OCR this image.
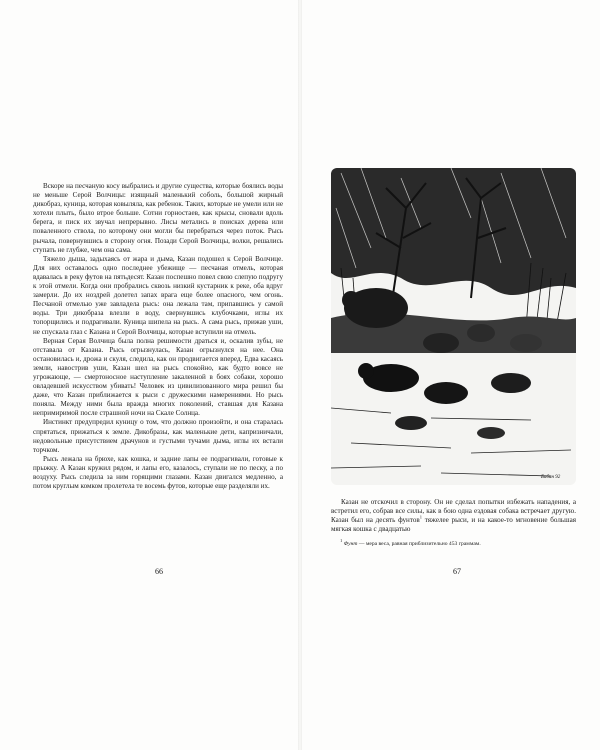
Вскоре на песчаную косу выбрались и другие существа, которые боялись воды не меньше Серой Волчицы: изящный маленький соболь, большой жирный дикобраз, куница, которая ковыляла, как ребенок. Таких, которые не умели или не хотели плыть, было втрое больше. Сотни горностаев, как крысы, сновали вдоль берега, и писк их звучал непрерывно. Лисы метались в поисках дерева или поваленного ствола, по которому они могли бы перебраться через поток. Рысь рычала, повернувшись в сторону огня. Позади Серой Волчицы, волки, решались ступать не глубже, чем она сама.

Тяжело дыша, задыхаясь от жара и дыма, Казан подошел к Серой Волчице. Для них оставалось одно последнее убежище — песчаная отмель, которая вдавалась в реку футов на пятьдесят. Казан поспешно повел свою слепую подругу к этой отмели. Когда они пробрались сквозь низкий кустарник к реке, оба вдруг замерли. До их ноздрей долетел запах врага еще более опасного, чем огонь. Песчаной отмелью уже завладела рысь: она лежала там, припавшись у самой воды. Три дикобраза влезли в воду, свернувшись клубочками, иглы их топорщились и подрагивали. Куница шипела на рысь. А сама рысь, прижав уши, не спускала глаз с Казана и Серой Волчицы, которые вступили на отмель.

Верная Серая Волчица была полна решимости драться и, оскалив зубы, не отставала от Казана. Рысь огрызнулась, Казан огрызнулся на нее. Она остановилась и, дрожа и скуля, следила, как он продвигается вперед. Едва касаясь земли, навострив уши, Казан шел на рысь спокойно, как будто вовсе не угрожающе, — смертоносное наступление закаленной в боях собаки, хорошо овладевшей искусством убивать! Человек из цивилизованного мира решил бы даже, что Казан приближается к рыси с дружескими намерениями. Но рысь поняла. Между ними была вражда многих поколений, ставшая для Казана непримиримой после страшной ночи на Скале Солнца.

Инстинкт предупредил куницу о том, что должно произойти, и она старалась спрятаться, прижаться к земле. Дикобразы, как маленькие дети, капризничали, недовольные присутствием драчунов и густыми тучами дыма, иглы их встали торчком.

Рысь лежала на брюхе, как кошка, и задние лапы ее подрагивали, готовые к прыжку. А Казан кружил рядом, и лапы его, казалось, ступали не по песку, а по воздуху. Рысь следила за ним горящими глазами. Казан двигался медленно, а потом круглым комком пролетела те восемь футов, которые еще разделяли их.

66
Бабин 92

Казан не отскочил в сторону. Он не сделал попытки избежать нападения, а встретил его, собрав все силы, как в бою одна ездовая собака встречает другую. Казан был на десять фунтов$^1$ тяжелее рыси, и на какое-то мгновение большая мягкая кошка с двадцатью

$^1$ Фунт — мера веса, равная приблизительно 453 граммам.
67
